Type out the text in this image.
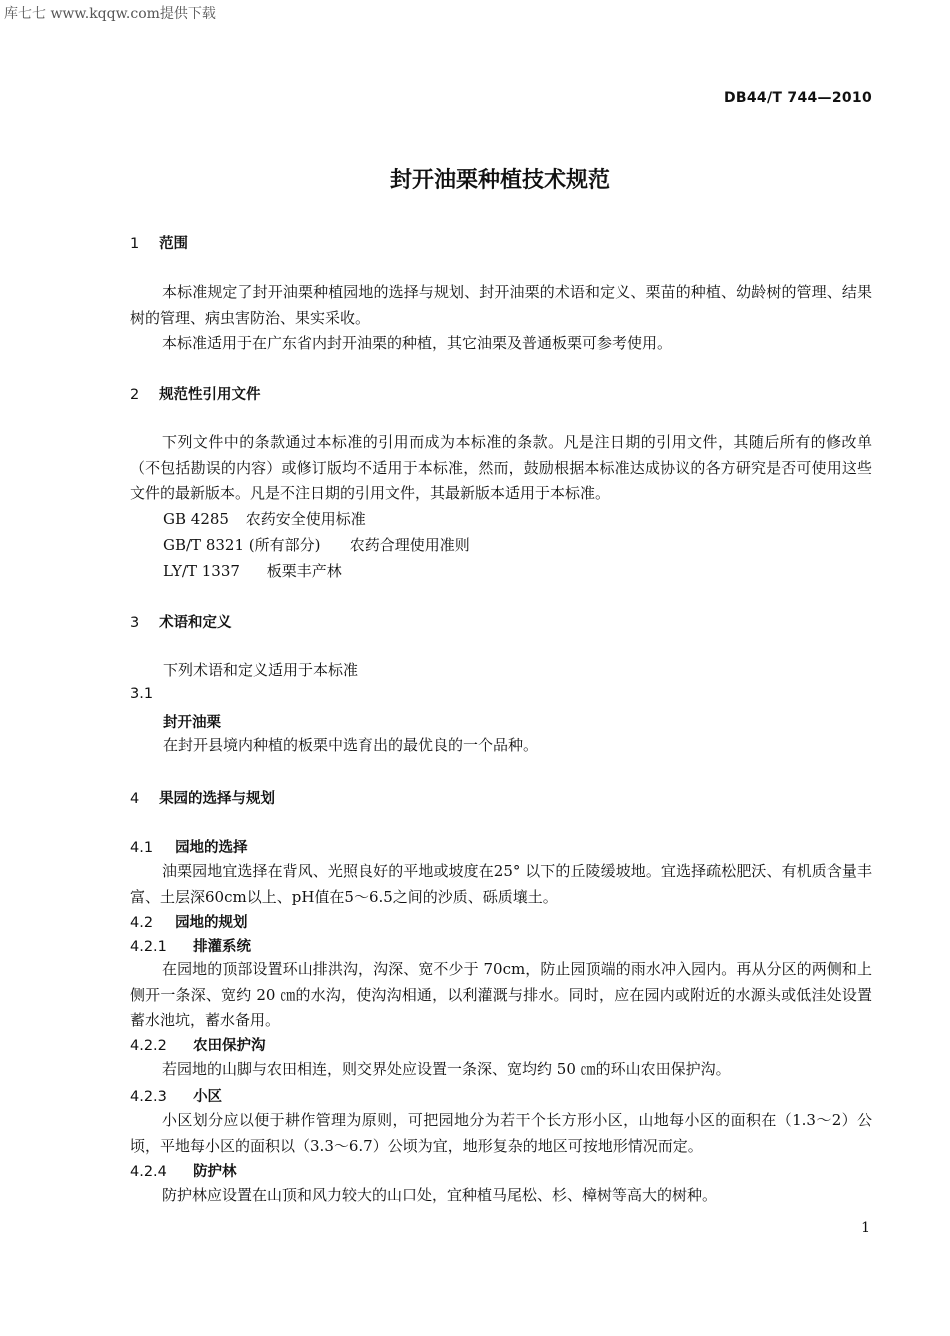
库七七 www.kqqw.com提供下载
DB44/T 744—2010
封开油栗种植技术规范
1 范围

本标准规定了封开油栗种植园地的选择与规划、封开油栗的术语和定义、栗苗的种植、幼龄树的管理、结果树的管理、病虫害防治、果实采收。

本标准适用于在广东省内封开油栗的种植，其它油栗及普通板栗可参考使用。

2 规范性引用文件

下列文件中的条款通过本标准的引用而成为本标准的条款。凡是注日期的引用文件，其随后所有的修改单（不包括勘误的内容）或修订版均不适用于本标准，然而，鼓励根据本标准达成协议的各方研究是否可使用这些文件的最新版本。凡是不注日期的引用文件，其最新版本适用于本标准。

GB 4285 农药安全使用标准
GB/T 8321 (所有部分) 农药合理使用准则
LY/T 1337 板栗丰产林
3 术语和定义
下列术语和定义适用于本标准
3.1
封开油栗
在封开县境内种植的板栗中选育出的最优良的一个品种。
4 果园的选择与规划
4.1 园地的选择

油栗园地宜选择在背风、光照良好的平地或坡度在25° 以下的丘陵缓坡地。宜选择疏松肥沃、有机质含量丰富、土层深60cm以上、pH值在5～6.5之间的沙质、砾质壤土。

4.2 园地的规划
4.2.1 排灌系统

在园地的顶部设置环山排洪沟，沟深、宽不少于 70cm，防止园顶端的雨水冲入园内。再从分区的两侧和上侧开一条深、宽约 20 ㎝的水沟，使沟沟相通，以利灌溉与排水。同时，应在园内或附近的水源头或低洼处设置蓄水池坑，蓄水备用。

4.2.2 农田保护沟

若园地的山脚与农田相连，则交界处应设置一条深、宽均约 50 ㎝的环山农田保护沟。

4.2.3 小区

小区划分应以便于耕作管理为原则，可把园地分为若干个长方形小区，山地每小区的面积在（1.3～2）公顷，平地每小区的面积以（3.3～6.7）公顷为宜，地形复杂的地区可按地形情况而定。

4.2.4 防护林

防护林应设置在山顶和风力较大的山口处，宜种植马尾松、杉、樟树等高大的树种。

1
